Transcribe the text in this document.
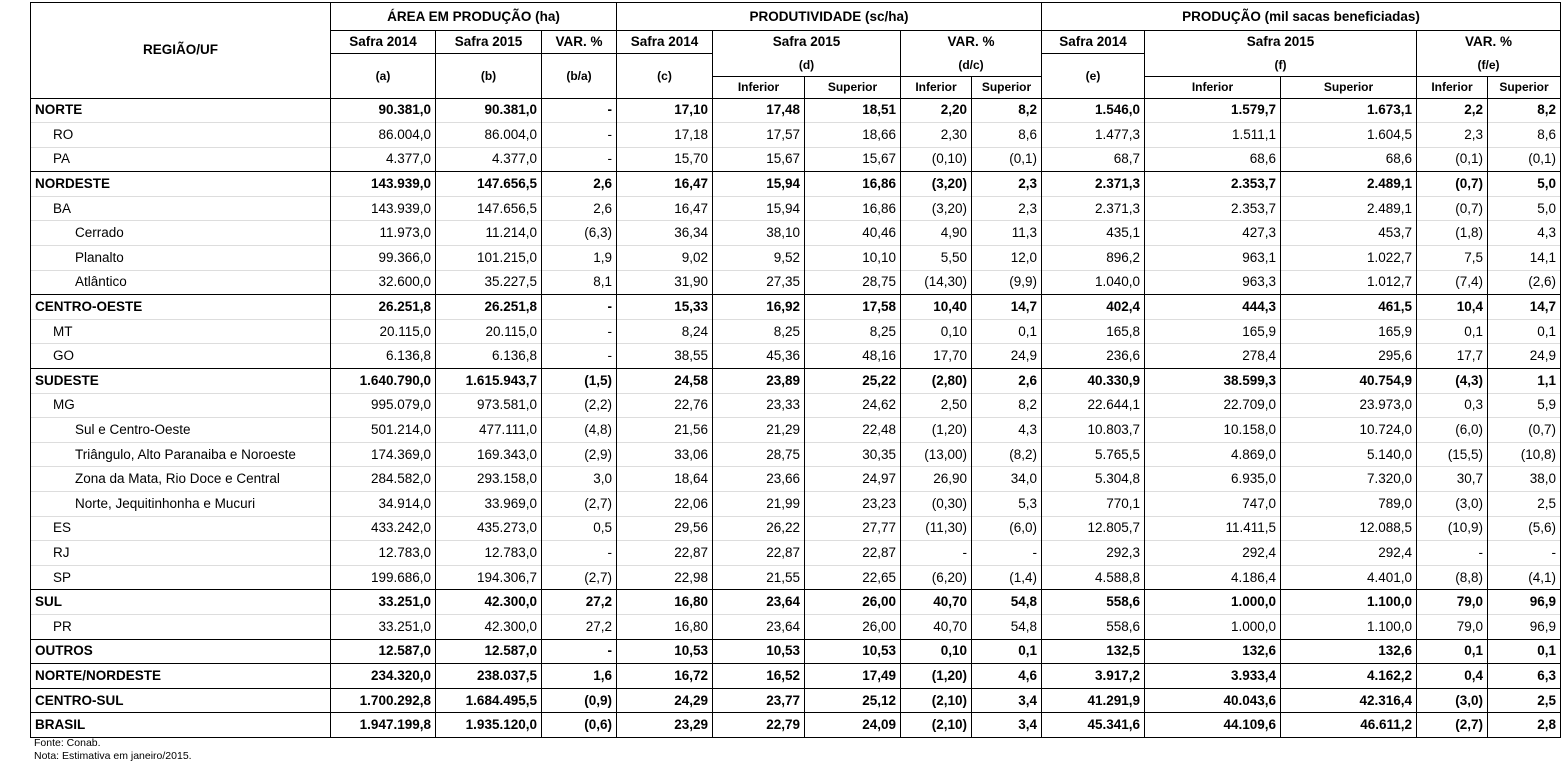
REGIÃO/UF	ÁREA EM PRODUÇÃO (ha)			PRODUTIVIDADE (sc/ha)					PRODUÇÃO (mil sacas beneficiadas)				
	Safra 2014	Safra 2015	VAR. %	Safra 2014	Safra 2015		VAR. %		Safra 2014	Safra 2015		VAR. %	
	(a)	(b)	(b/a)	(c)	(d)		(d/c)		(e)	(f)		(f/e)	
					Inferior	Superior	Inferior	Superior		Inferior	Superior	Inferior	Superior
NORTE	90.381,0	90.381,0	-	17,10	17,48	18,51	2,20	8,2	1.546,0	1.579,7	1.673,1	2,2	8,2
RO	86.004,0	86.004,0	-	17,18	17,57	18,66	2,30	8,6	1.477,3	1.511,1	1.604,5	2,3	8,6
PA	4.377,0	4.377,0	-	15,70	15,67	15,67	(0,10)	(0,1)	68,7	68,6	68,6	(0,1)	(0,1)
NORDESTE	143.939,0	147.656,5	2,6	16,47	15,94	16,86	(3,20)	2,3	2.371,3	2.353,7	2.489,1	(0,7)	5,0
BA	143.939,0	147.656,5	2,6	16,47	15,94	16,86	(3,20)	2,3	2.371,3	2.353,7	2.489,1	(0,7)	5,0
Cerrado	11.973,0	11.214,0	(6,3)	36,34	38,10	40,46	4,90	11,3	435,1	427,3	453,7	(1,8)	4,3
Planalto	99.366,0	101.215,0	1,9	9,02	9,52	10,10	5,50	12,0	896,2	963,1	1.022,7	7,5	14,1
Atlântico	32.600,0	35.227,5	8,1	31,90	27,35	28,75	(14,30)	(9,9)	1.040,0	963,3	1.012,7	(7,4)	(2,6)
CENTRO-OESTE	26.251,8	26.251,8	-	15,33	16,92	17,58	10,40	14,7	402,4	444,3	461,5	10,4	14,7
MT	20.115,0	20.115,0	-	8,24	8,25	8,25	0,10	0,1	165,8	165,9	165,9	0,1	0,1
GO	6.136,8	6.136,8	-	38,55	45,36	48,16	17,70	24,9	236,6	278,4	295,6	17,7	24,9
SUDESTE	1.640.790,0	1.615.943,7	(1,5)	24,58	23,89	25,22	(2,80)	2,6	40.330,9	38.599,3	40.754,9	(4,3)	1,1
MG	995.079,0	973.581,0	(2,2)	22,76	23,33	24,62	2,50	8,2	22.644,1	22.709,0	23.973,0	0,3	5,9
Sul e Centro-Oeste	501.214,0	477.111,0	(4,8)	21,56	21,29	22,48	(1,20)	4,3	10.803,7	10.158,0	10.724,0	(6,0)	(0,7)
Triângulo, Alto Paranaiba e Noroeste	174.369,0	169.343,0	(2,9)	33,06	28,75	30,35	(13,00)	(8,2)	5.765,5	4.869,0	5.140,0	(15,5)	(10,8)
Zona da Mata, Rio Doce e Central	284.582,0	293.158,0	3,0	18,64	23,66	24,97	26,90	34,0	5.304,8	6.935,0	7.320,0	30,7	38,0
Norte, Jequitinhonha e Mucuri	34.914,0	33.969,0	(2,7)	22,06	21,99	23,23	(0,30)	5,3	770,1	747,0	789,0	(3,0)	2,5
ES	433.242,0	435.273,0	0,5	29,56	26,22	27,77	(11,30)	(6,0)	12.805,7	11.411,5	12.088,5	(10,9)	(5,6)
RJ	12.783,0	12.783,0	-	22,87	22,87	22,87	-	-	292,3	292,4	292,4	-	-
SP	199.686,0	194.306,7	(2,7)	22,98	21,55	22,65	(6,20)	(1,4)	4.588,8	4.186,4	4.401,0	(8,8)	(4,1)
SUL	33.251,0	42.300,0	27,2	16,80	23,64	26,00	40,70	54,8	558,6	1.000,0	1.100,0	79,0	96,9
PR	33.251,0	42.300,0	27,2	16,80	23,64	26,00	40,70	54,8	558,6	1.000,0	1.100,0	79,0	96,9
OUTROS	12.587,0	12.587,0	-	10,53	10,53	10,53	0,10	0,1	132,5	132,6	132,6	0,1	0,1
NORTE/NORDESTE	234.320,0	238.037,5	1,6	16,72	16,52	17,49	(1,20)	4,6	3.917,2	3.933,4	4.162,2	0,4	6,3
CENTRO-SUL	1.700.292,8	1.684.495,5	(0,9)	24,29	23,77	25,12	(2,10)	3,4	41.291,9	40.043,6	42.316,4	(3,0)	2,5
BRASIL	1.947.199,8	1.935.120,0	(0,6)	23,29	22,79	24,09	(2,10)	3,4	45.341,6	44.109,6	46.611,2	(2,7)	2,8
Fonte: Conab.
Nota: Estimativa em janeiro/2015.
